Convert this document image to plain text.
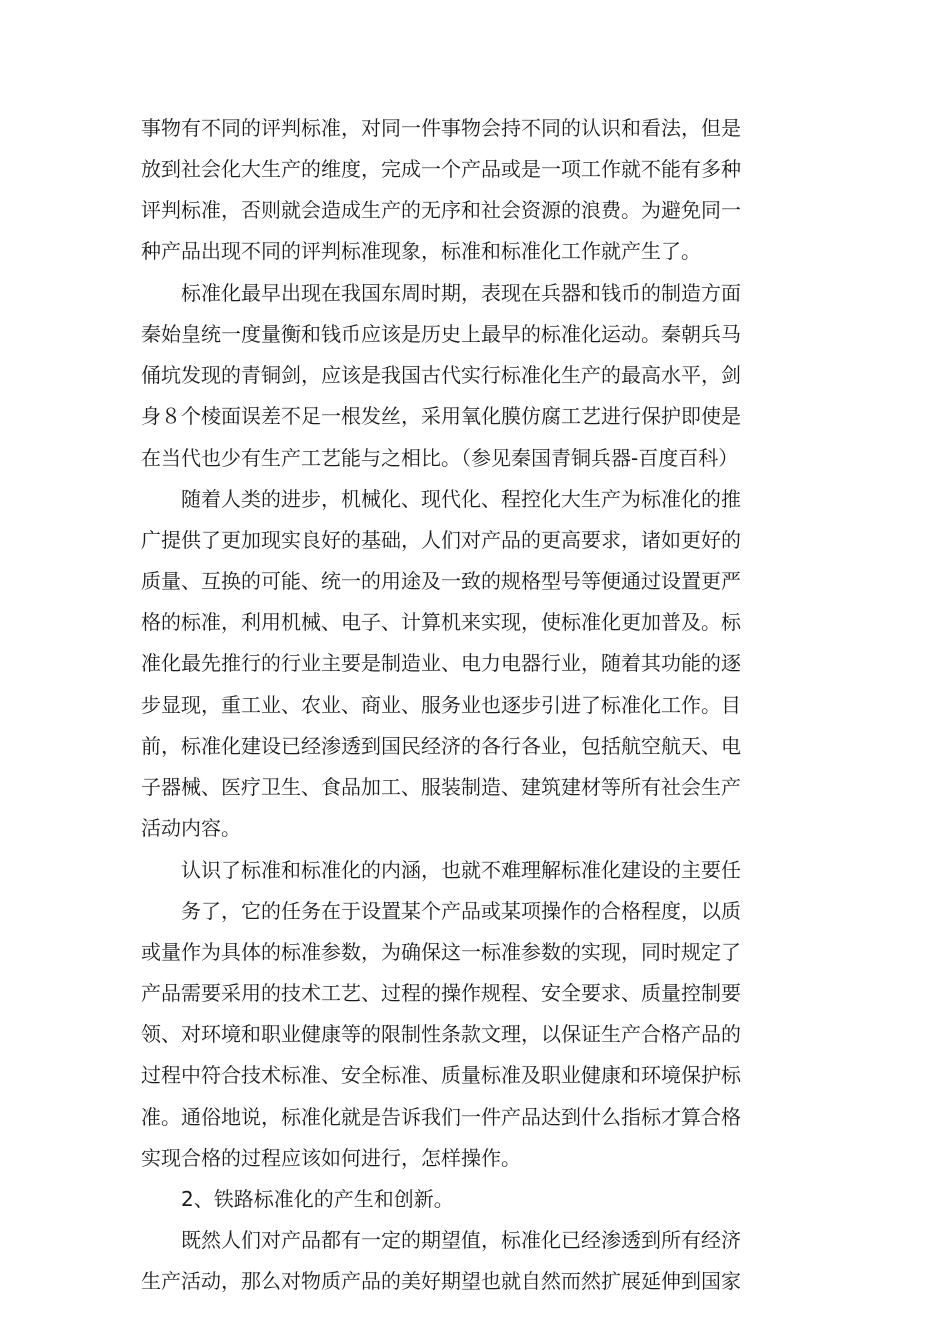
事物有不同的评判标准，对同一件事物会持不同的认识和看法，但是

放到社会化大生产的维度，完成一个产品或是一项工作就不能有多种

评判标准，否则就会造成生产的无序和社会资源的浪费。为避免同一

种产品出现不同的评判标准现象，标准和标准化工作就产生了。

　　标准化最早出现在我国东周时期，表现在兵器和钱币的制造方面

秦始皇统一度量衡和钱币应该是历史上最早的标准化运动。秦朝兵马

俑坑发现的青铜剑，应该是我国古代实行标准化生产的最高水平，剑

身８个棱面误差不足一根发丝，采用氧化膜仿腐工艺进行保护即使是

在当代也少有生产工艺能与之相比。（参见秦国青铜兵器-百度百科）

　　随着人类的进步，机械化、现代化、程控化大生产为标准化的推

广提供了更加现实良好的基础，人们对产品的更高要求，诸如更好的

质量、互换的可能、统一的用途及一致的规格型号等便通过设置更严

格的标准，利用机械、电子、计算机来实现，使标准化更加普及。标

准化最先推行的行业主要是制造业、电力电器行业，随着其功能的逐

步显现，重工业、农业、商业、服务业也逐步引进了标准化工作。目

前，标准化建设已经渗透到国民经济的各行各业，包括航空航天、电

子器械、医疗卫生、食品加工、服装制造、建筑建材等所有社会生产

活动内容。

　　认识了标准和标准化的内涵，也就不难理解标准化建设的主要任

　　务了，它的任务在于设置某个产品或某项操作的合格程度，以质

或量作为具体的标准参数，为确保这一标准参数的实现，同时规定了

产品需要采用的技术工艺、过程的操作规程、安全要求、质量控制要

领、对环境和职业健康等的限制性条款文理，以保证生产合格产品的

过程中符合技术标准、安全标准、质量标准及职业健康和环境保护标

准。通俗地说，标准化就是告诉我们一件产品达到什么指标才算合格

实现合格的过程应该如何进行，怎样操作。

　　2、铁路标准化的产生和创新。

　　既然人们对产品都有一定的期望值，标准化已经渗透到所有经济

生产活动，那么对物质产品的美好期望也就自然而然扩展延伸到国家
